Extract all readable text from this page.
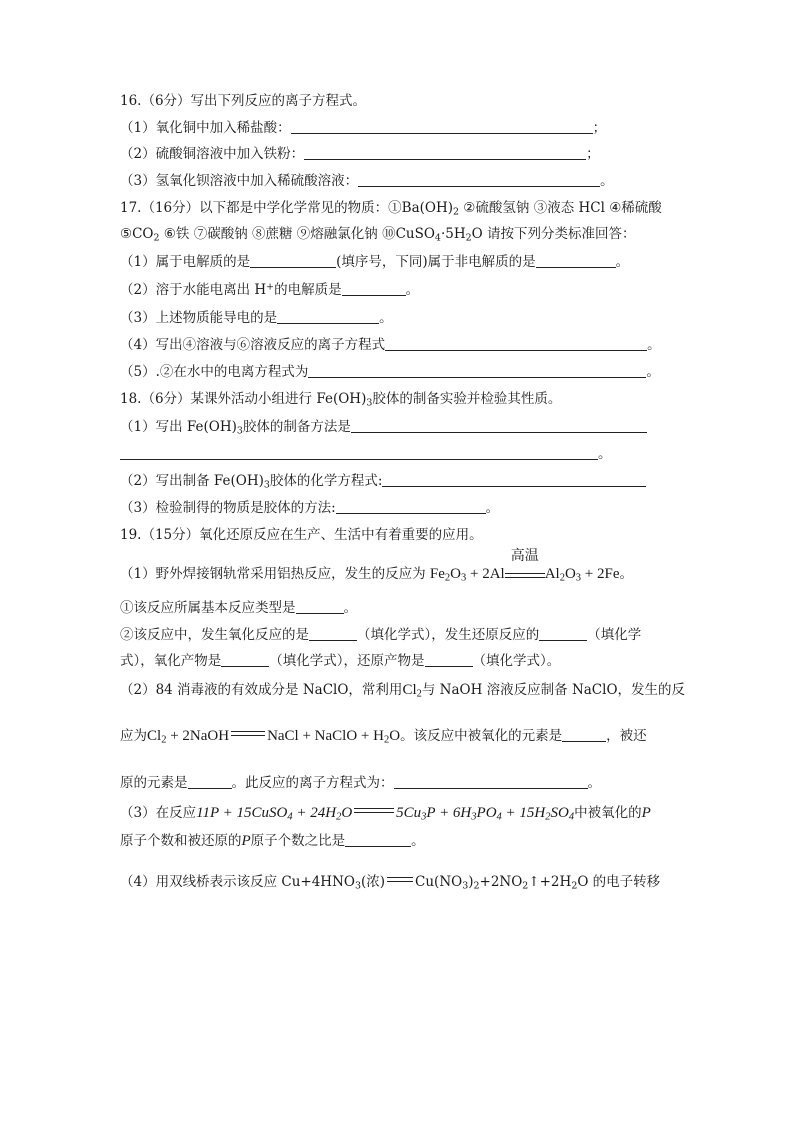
16.（6分）写出下列反应的离子方程式。
（1）氧化铜中加入稀盐酸：	；
（2）硫酸铜溶液中加入铁粉：	；
（3）氢氧化钡溶液中加入稀硫酸溶液：	。
17.（16分）以下都是中学化学常见的物质：$①Ba(OH)_2$ ②硫酸氢钠 ③液态 HCl ④稀硫酸
$⑤CO_2$ ⑥铁 ⑦碳酸钠 ⑧蔗糖 ⑨熔融氯化钠 $⑩CuSO_4\cdot 5H_2O$ 请按下列分类标准回答：
（1）属于电解质的是	(填序号，下同)属于非电解质的是	。
（2）溶于水能电离出 H+的电解质是	。
（3）上述物质能导电的是	。
（4）写出④溶液与⑥溶液反应的离子方程式	。
（5）.②在水中的电离方程式为	。
18.（6分）某课外活动小组进行 $Fe(OH)_3$胶体的制备实验并检验其性质。
（1）写出 $Fe(OH)_3$胶体的制备方法是
。
（2）写出制备 $Fe(OH)_3$胶体的化学方程式:
（3）检验制得的物质是胶体的方法:	。
19.（15分）氧化还原反应在生产、生活中有着重要的应用。
（1）野外焊接钢轨常采用铝热反应，发生的反应为 $Fe_2O_3 + 2Al$
高温
$Al_2O_3 + 2Fe$。
①该反应所属基本反应类型是	。
②该反应中，发生氧化反应的是	（填化学式），发生还原反应的	（填化学
式），氧化产物是	（填化学式），还原产物是	（填化学式）。
（2）84 消毒液的有效成分是 NaClO，常利用$Cl_2$与 NaOH 溶液反应制备 NaClO，发生的反
应为$Cl_2$ + 2NaOH	NaCl + NaClO + $H_2O$。该反应中被氧化的元素是	，被还
原的元素是	。此反应的离子方程式为：	。
（3）在反应11P + 15CuSO$_4$ + $24H_2O$	$5Cu_3P + 6H_3PO_4 + 15H_2SO_4$中被氧化的P
原子个数和被还原的P原子个数之比是	。
（4）用双线桥表示该反应 $Cu+4HNO_3$(浓) $Cu(NO_3)_2+2NO_2↑+2H_2O$ 的电子转移
